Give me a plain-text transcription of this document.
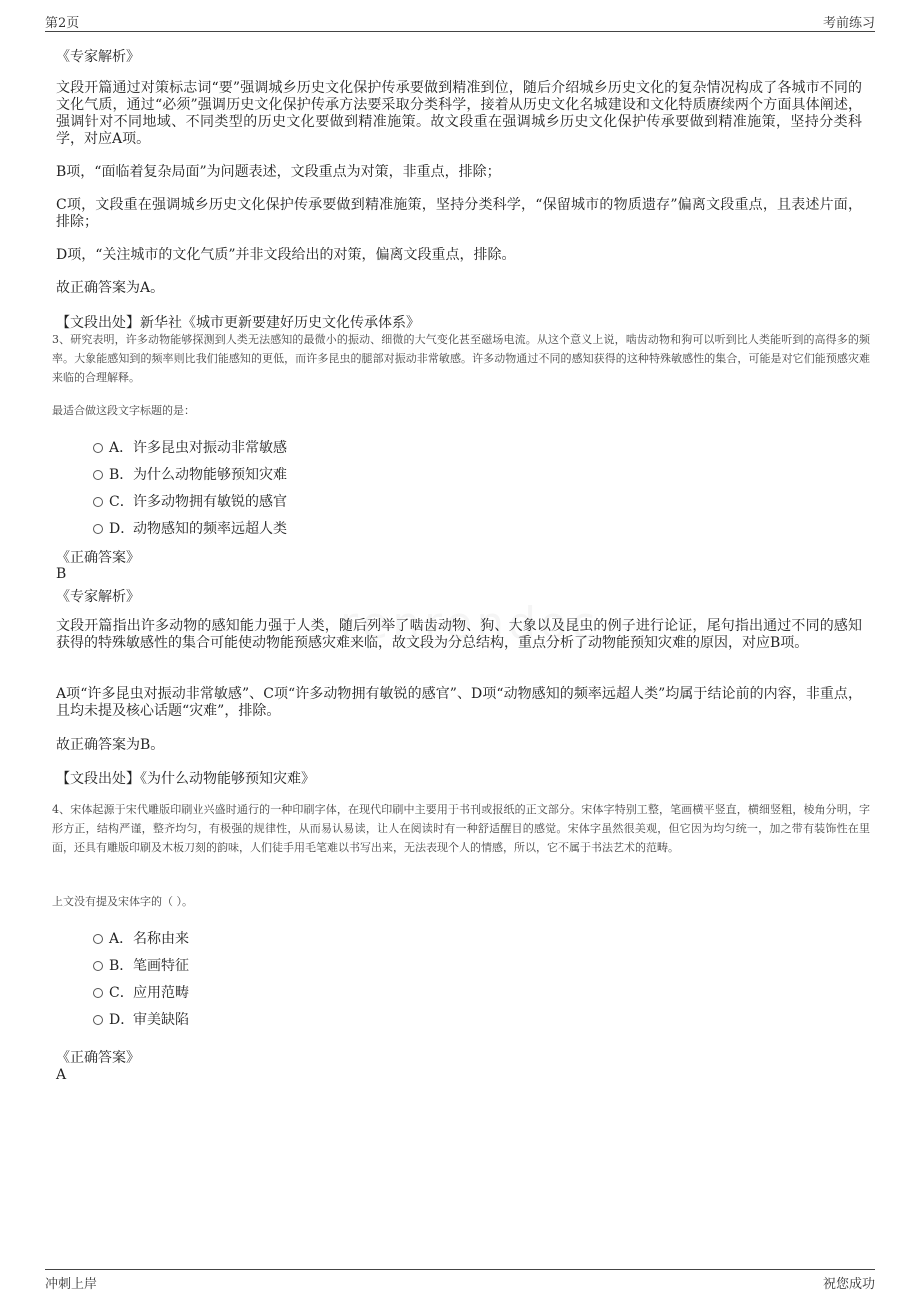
第2页	考前练习
《专家解析》
文段开篇通过对策标志词“要”强调城乡历史文化保护传承要做到精准到位，随后介绍城乡历史文化的复杂情况构成了各城市不同的文化气质，通过“必须”强调历史文化保护传承方法要采取分类科学，接着从历史文化名城建设和文化特质赓续两个方面具体阐述，强调针对不同地域、不同类型的历史文化要做到精准施策。故文段重在强调城乡历史文化保护传承要做到精准施策，坚持分类科学，对应A项。
B项，“面临着复杂局面”为问题表述，文段重点为对策，非重点，排除；
C项，文段重在强调城乡历史文化保护传承要做到精准施策，坚持分类科学，“保留城市的物质遗存”偏离文段重点，且表述片面，排除；
D项，“关注城市的文化气质”并非文段给出的对策，偏离文段重点，排除。
故正确答案为A。
【文段出处】新华社《城市更新要建好历史文化传承体系》
3、研究表明，许多动物能够探测到人类无法感知的最微小的振动、细微的大气变化甚至磁场电流。从这个意义上说，啮齿动物和狗可以听到比人类能听到的高得多的频率。大象能感知到的频率则比我们能感知的更低，而许多昆虫的腿部对振动非常敏感。许多动物通过不同的感知获得的这种特殊敏感性的集合，可能是对它们能预感灾难来临的合理解释。
最适合做这段文字标题的是：
A．许多昆虫对振动非常敏感
B．为什么动物能够预知灾难
C．许多动物拥有敏锐的感官
D．动物感知的频率远超人类
《正确答案》
B
《专家解析》
文段开篇指出许多动物的感知能力强于人类，随后列举了啮齿动物、狗、大象以及昆虫的例子进行论证，尾句指出通过不同的感知获得的特殊敏感性的集合可能使动物能预感灾难来临，故文段为分总结构，重点分析了动物能预知灾难的原因，对应B项。
A项“许多昆虫对振动非常敏感”、C项“许多动物拥有敏锐的感官”、D项“动物感知的频率远超人类”均属于结论前的内容，非重点，且均未提及核心话题“灾难”，排除。
故正确答案为B。
【文段出处】《为什么动物能够预知灾难》
4、宋体起源于宋代雕版印刷业兴盛时通行的一种印刷字体，在现代印刷中主要用于书刊或报纸的正文部分。宋体字特别工整，笔画横平竖直，横细竖粗，棱角分明，字形方正，结构严谨，整齐均匀，有极强的规律性，从而易认易读，让人在阅读时有一种舒适醒目的感觉。宋体字虽然很美观，但它因为均匀统一，加之带有装饰性在里面，还具有雕版印刷及木板刀刻的韵味，人们徒手用毛笔难以书写出来，无法表现个人的情感，所以，它不属于书法艺术的范畴。
上文没有提及宋体字的（ ）。
A．名称由来
B．笔画特征
C．应用范畴
D．审美缺陷
《正确答案》
A
冲刺上岸	祝您成功
